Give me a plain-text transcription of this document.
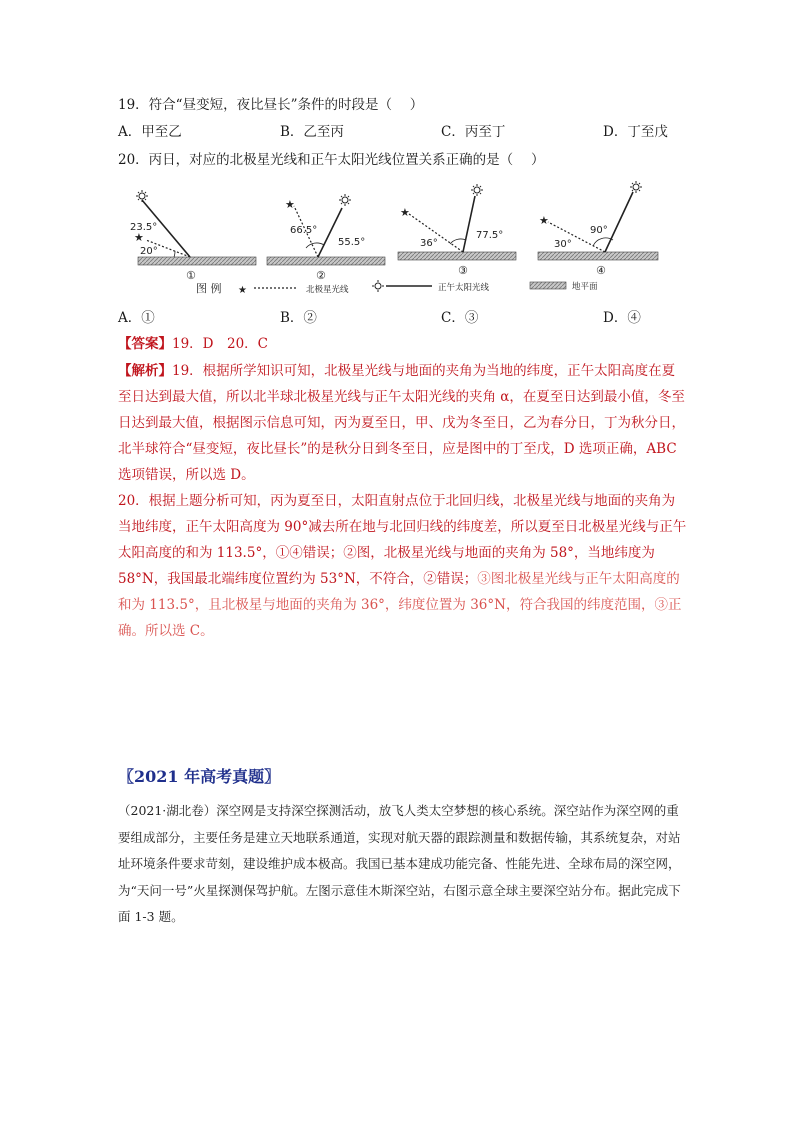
19．符合“昼变短，夜比昼长”条件的时段是（　 ）
A．甲至乙	B．乙至丙	C．丙至丁	D．丁至戊
20．丙日，对应的北极星光线和正午太阳光线位置关系正确的是（　 ）
★
23.5°
20°
①
★
66.5°
55.5°
②
★
77.5°
36°
③
★
90°
30°
④
图 例 ★	北极星光线	正午太阳光线	地平面
A．①	B．②	C．③	D．④
【答案】19．D　20．C

【解析】19．根据所学知识可知，北极星光线与地面的夹角为当地的纬度，正午太阳高度在夏至日达到最大值，所以北半球北极星光线与正午太阳光线的夹角 α，在夏至日达到最小值，冬至日达到最大值，根据图示信息可知，丙为夏至日，甲、戊为冬至日，乙为春分日，丁为秋分日，北半球符合“昼变短，夜比昼长”的是秋分日到冬至日，应是图中的丁至戊，D 选项正确，ABC 选项错误，所以选 D。

20．根据上题分析可知，丙为夏至日，太阳直射点位于北回归线，北极星光线与地面的夹角为当地纬度，正午太阳高度为 90°减去所在地与北回归线的纬度差，所以夏至日北极星光线与正午太阳高度的和为 113.5°，①④错误；②图，北极星光线与地面的夹角为 58°，当地纬度为 58°N，我国最北端纬度位置约为 53°N，不符合，②错误；③图北极星光线与正午太阳高度的和为 113.5°，且北极星与地面的夹角为 36°，纬度位置为 36°N，符合我国的纬度范围，③正确。所以选 C。

〖2021 年高考真题〗
（2021·湖北卷）深空网是支持深空探测活动，放飞人类太空梦想的核心系统。深空站作为深空网的重要组成部分，主要任务是建立天地联系通道，实现对航天器的跟踪测量和数据传输，其系统复杂，对站址环境条件要求苛刻，建设维护成本极高。我国已基本建成功能完备、性能先进、全球布局的深空网，为“天问一号”火星探测保驾护航。左图示意佳木斯深空站，右图示意全球主要深空站分布。据此完成下面 1-3 题。
